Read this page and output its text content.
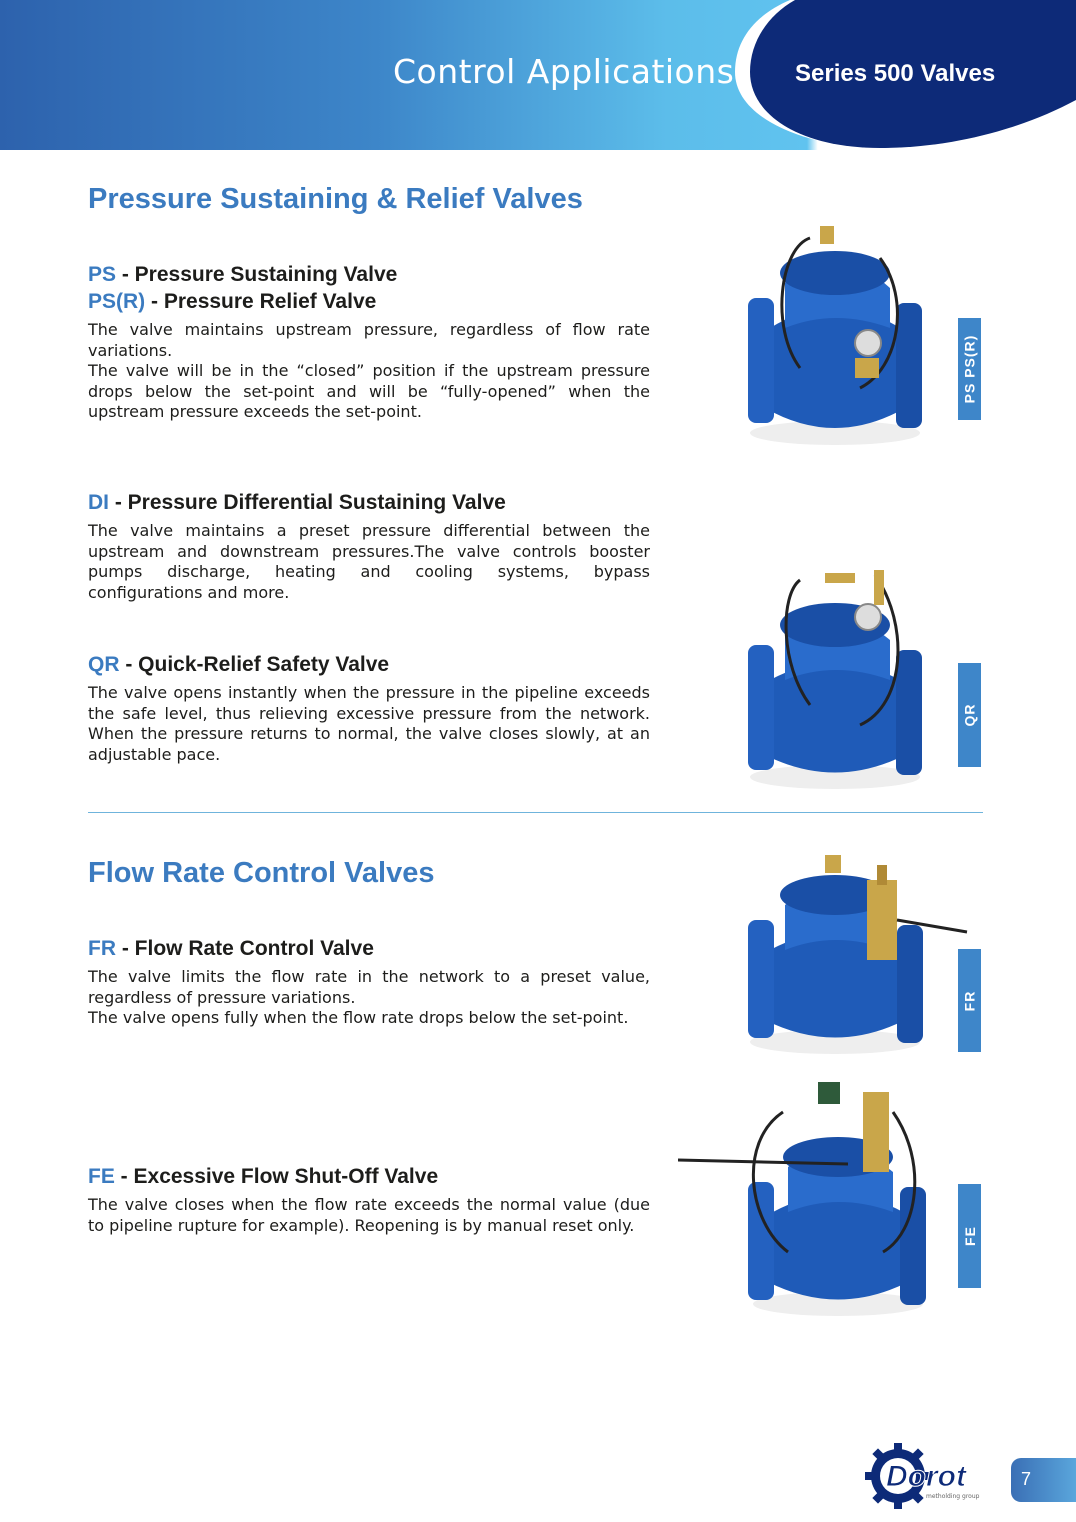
Control Applications	Series 500 Valves
Pressure Sustaining & Relief Valves
PS - Pressure Sustaining Valve
PS(R) - Pressure Relief Valve

The valve maintains upstream pressure, regardless of flow rate variations.

The valve will be in the “closed” position if the upstream pressure drops below the set-point and will be “fully-opened” when the upstream pressure exceeds the set-point.

DI - Pressure Differential Sustaining Valve

The valve maintains a preset pressure differential between the upstream and downstream pressures.The valve controls booster pumps discharge, heating and cooling systems, bypass configurations and more.

QR - Quick-Relief Safety Valve

The valve opens instantly when the pressure in the pipeline exceeds the safe level, thus relieving excessive pressure from the network. When the pressure returns to normal, the valve closes slowly, at an adjustable pace.

Flow Rate Control Valves
FR - Flow Rate Control Valve

The valve limits the flow rate in the network to a preset value, regardless of pressure variations.

The valve opens fully when the flow rate drops below the set-point.

FE - Excessive Flow Shut-Off Valve

The valve closes when the flow rate exceeds the normal value (due to pipeline rupture for example). Reopening is by manual reset only.

PS PS(R)
QR
FR
FE
Dorot
metholding group
7
